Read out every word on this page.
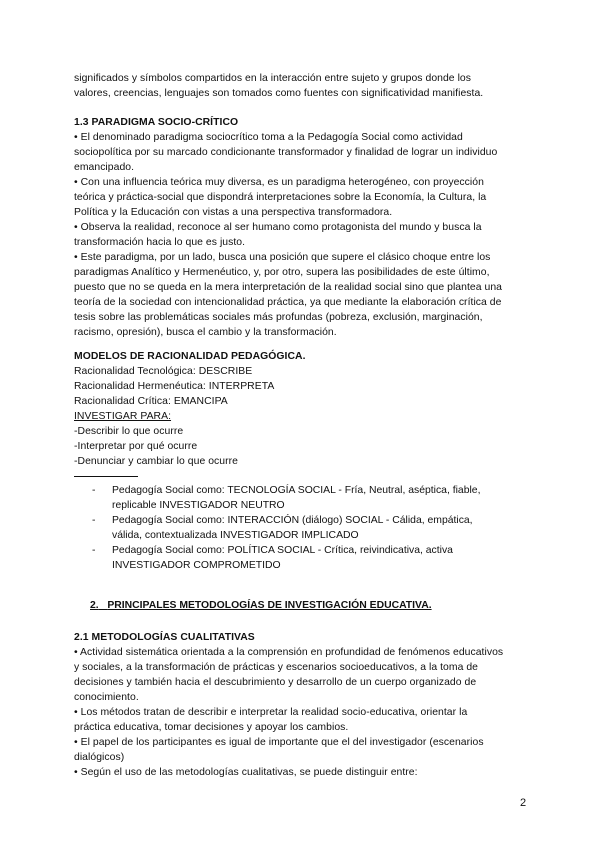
significados y símbolos compartidos en la interacción entre sujeto y grupos donde los
valores, creencias, lenguajes son tomados como fuentes con significatividad manifiesta.
1.3 PARADIGMA SOCIO-CRÍTICO
• El denominado paradigma sociocrítico toma a la Pedagogía Social como actividad
sociopolítica por su marcado condicionante transformador y finalidad de lograr un individuo
emancipado.
• Con una influencia teórica muy diversa, es un paradigma heterogéneo, con proyección
teórica y práctica-social que dispondrá interpretaciones sobre la Economía, la Cultura, la
Política y la Educación con vistas a una perspectiva transformadora.
• Observa la realidad, reconoce al ser humano como protagonista del mundo y busca la
transformación hacia lo que es justo.
• Este paradigma, por un lado, busca una posición que supere el clásico choque entre los
paradigmas Analítico y Hermenéutico, y, por otro, supera las posibilidades de este último,
puesto que no se queda en la mera interpretación de la realidad social sino que plantea una
teoría de la sociedad con intencionalidad práctica, ya que mediante la elaboración crítica de
tesis sobre las problemáticas sociales más profundas (pobreza, exclusión, marginación,
racismo, opresión), busca el cambio y la transformación.
MODELOS DE RACIONALIDAD PEDAGÓGICA.
Racionalidad Tecnológica: DESCRIBE
Racionalidad Hermenéutica: INTERPRETA
Racionalidad Crítica: EMANCIPA
INVESTIGAR PARA:
-Describir lo que ocurre
-Interpretar por qué ocurre
-Denunciar y cambiar lo que ocurre
- Pedagogía Social como: TECNOLOGÍA SOCIAL - Fría, Neutral, aséptica, fiable,
replicable INVESTIGADOR NEUTRO
- Pedagogía Social como: INTERACCIÓN (diálogo) SOCIAL - Cálida, empática,
válida, contextualizada INVESTIGADOR IMPLICADO
- Pedagogía Social como: POLÍTICA SOCIAL - Crítica, reivindicativa, activa
INVESTIGADOR COMPROMETIDO
2. PRINCIPALES METODOLOGÍAS DE INVESTIGACIÓN EDUCATIVA.
2.1 METODOLOGÍAS CUALITATIVAS
• Actividad sistemática orientada a la comprensión en profundidad de fenómenos educativos
y sociales, a la transformación de prácticas y escenarios socioeducativos, a la toma de
decisiones y también hacia el descubrimiento y desarrollo de un cuerpo organizado de
conocimiento.
• Los métodos tratan de describir e interpretar la realidad socio-educativa, orientar la
práctica educativa, tomar decisiones y apoyar los cambios.
• El papel de los participantes es igual de importante que el del investigador (escenarios
dialógicos)
• Según el uso de las metodologías cualitativas, se puede distinguir entre:
2
